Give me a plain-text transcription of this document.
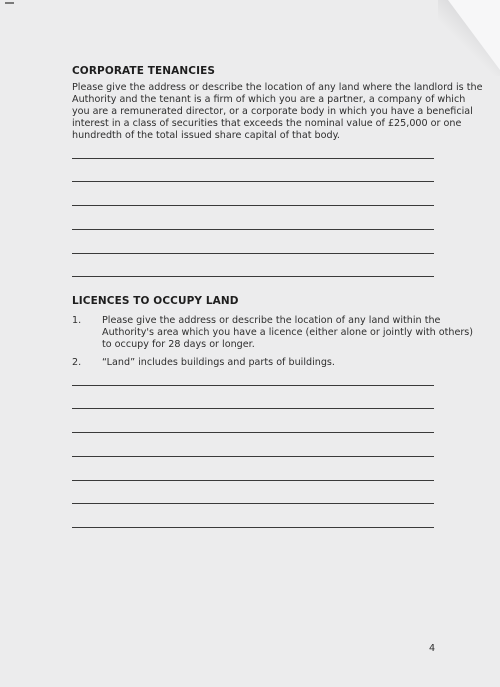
CORPORATE TENANCIES
Please give the address or describe the location of any land where the landlord is the
Authority and the tenant is a firm of which you are a partner, a company of which
you are a remunerated director, or a corporate body in which you have a beneficial
interest in a class of securities that exceeds the nominal value of £25,000 or one
hundredth of the total issued share capital of that body.
LICENCES TO OCCUPY LAND
1. Please give the address or describe the location of any land within the
Authority's area which you have a licence (either alone or jointly with others)
to occupy for 28 days or longer.
2. “Land” includes buildings and parts of buildings.
4
